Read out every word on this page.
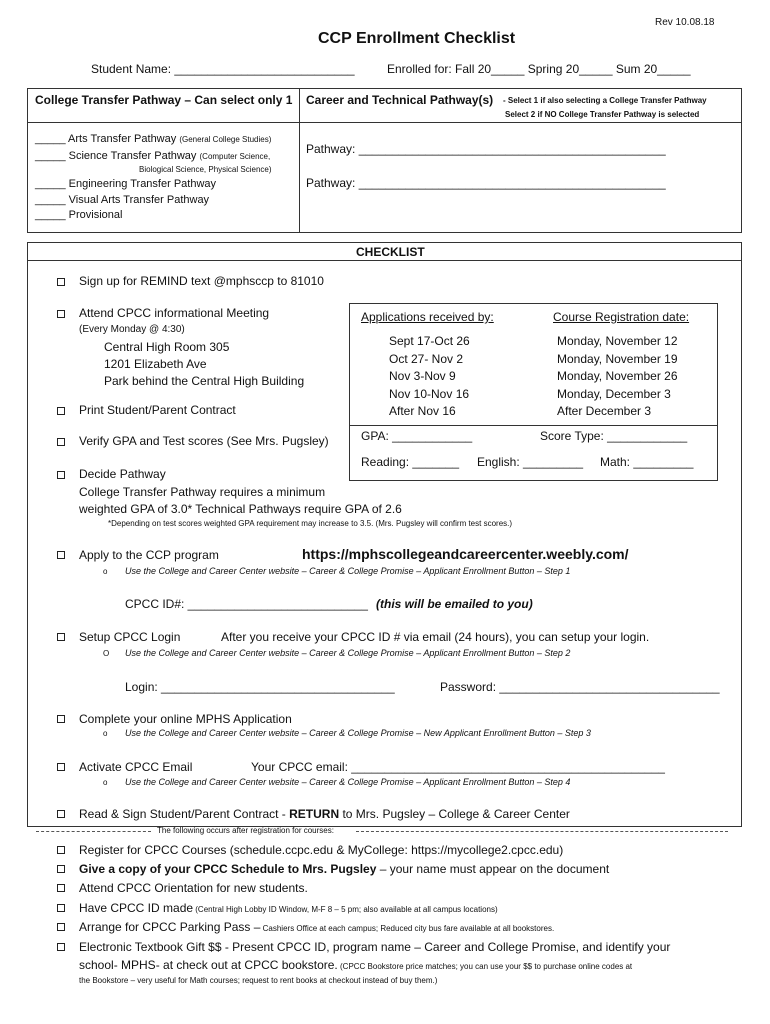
Rev 10.08.18
CCP Enrollment Checklist
Student Name: ___________________________	Enrolled for: Fall 20_____ Spring 20_____ Sum 20_____
College Transfer Pathway – Can select only 1 Career and Technical Pathway(s) - Select 1 if also selecting a College Transfer Pathway
Select 2 if NO College Transfer Pathway is selected
_____ Arts Transfer Pathway (General College Studies)
_____ Science Transfer Pathway (Computer Science,
Biological Science, Physical Science)
_____ Engineering Transfer Pathway
_____ Visual Arts Transfer Pathway
_____ Provisional
Pathway: ______________________________________________
Pathway: ______________________________________________
CHECKLIST
Sign up for REMIND text @mphsccp to 81010
Attend CPCC informational Meeting
(Every Monday @ 4:30)
Central High Room 305
1201 Elizabeth Ave
Park behind the Central High Building
Applications received by:	Course Registration date:
Sept 17-Oct 26	Monday, November 12
Oct 27- Nov 2	Monday, November 19
Nov 3-Nov 9	Monday, November 26
Nov 10-Nov 16	Monday, December 3
After Nov 16	After December 3
GPA: ____________	Score Type: ____________
Reading: _______ English: _________ Math: _________
Print Student/Parent Contract
Verify GPA and Test scores (See Mrs. Pugsley)
Decide Pathway
College Transfer Pathway requires a minimum
weighted GPA of 3.0* Technical Pathways require GPA of 2.6
*Depending on test scores weighted GPA requirement may increase to 3.5. (Mrs. Pugsley will confirm test scores.)
Apply to the CCP program	https://mphscollegeandcareercenter.weebly.com/
o Use the College and Career Center website – Career & College Promise – Applicant Enrollment Button – Step 1
CPCC ID#: ___________________________ (this will be emailed to you)
Setup CPCC Login	After you receive your CPCC ID # via email (24 hours), you can setup your login.
O Use the College and Career Center website – Career & College Promise – Applicant Enrollment Button – Step 2
Login: ___________________________________	Password: _________________________________
Complete your online MPHS Application
o Use the College and Career Center website – Career & College Promise – New Applicant Enrollment Button – Step 3
Activate CPCC Email	Your CPCC email: _______________________________________________
o Use the College and Career Center website – Career & College Promise – Applicant Enrollment Button – Step 4
Read & Sign Student/Parent Contract - RETURN to Mrs. Pugsley – College & Career Center
The following occurs after registration for courses:
Register for CPCC Courses (schedule.ccpc.edu & MyCollege: https://mycollege2.cpcc.edu)
Give a copy of your CPCC Schedule to Mrs. Pugsley – your name must appear on the document
Attend CPCC Orientation for new students.
Have CPCC ID made (Central High Lobby ID Window, M-F 8 – 5 pm; also available at all campus locations)
Arrange for CPCC Parking Pass – Cashiers Office at each campus; Reduced city bus fare available at all bookstores.
Electronic Textbook Gift $$ - Present CPCC ID, program name – Career and College Promise, and identify your
school- MPHS- at check out at CPCC bookstore. (CPCC Bookstore price matches; you can use your $$ to purchase online codes at
the Bookstore – very useful for Math courses; request to rent books at checkout instead of buy them.)
